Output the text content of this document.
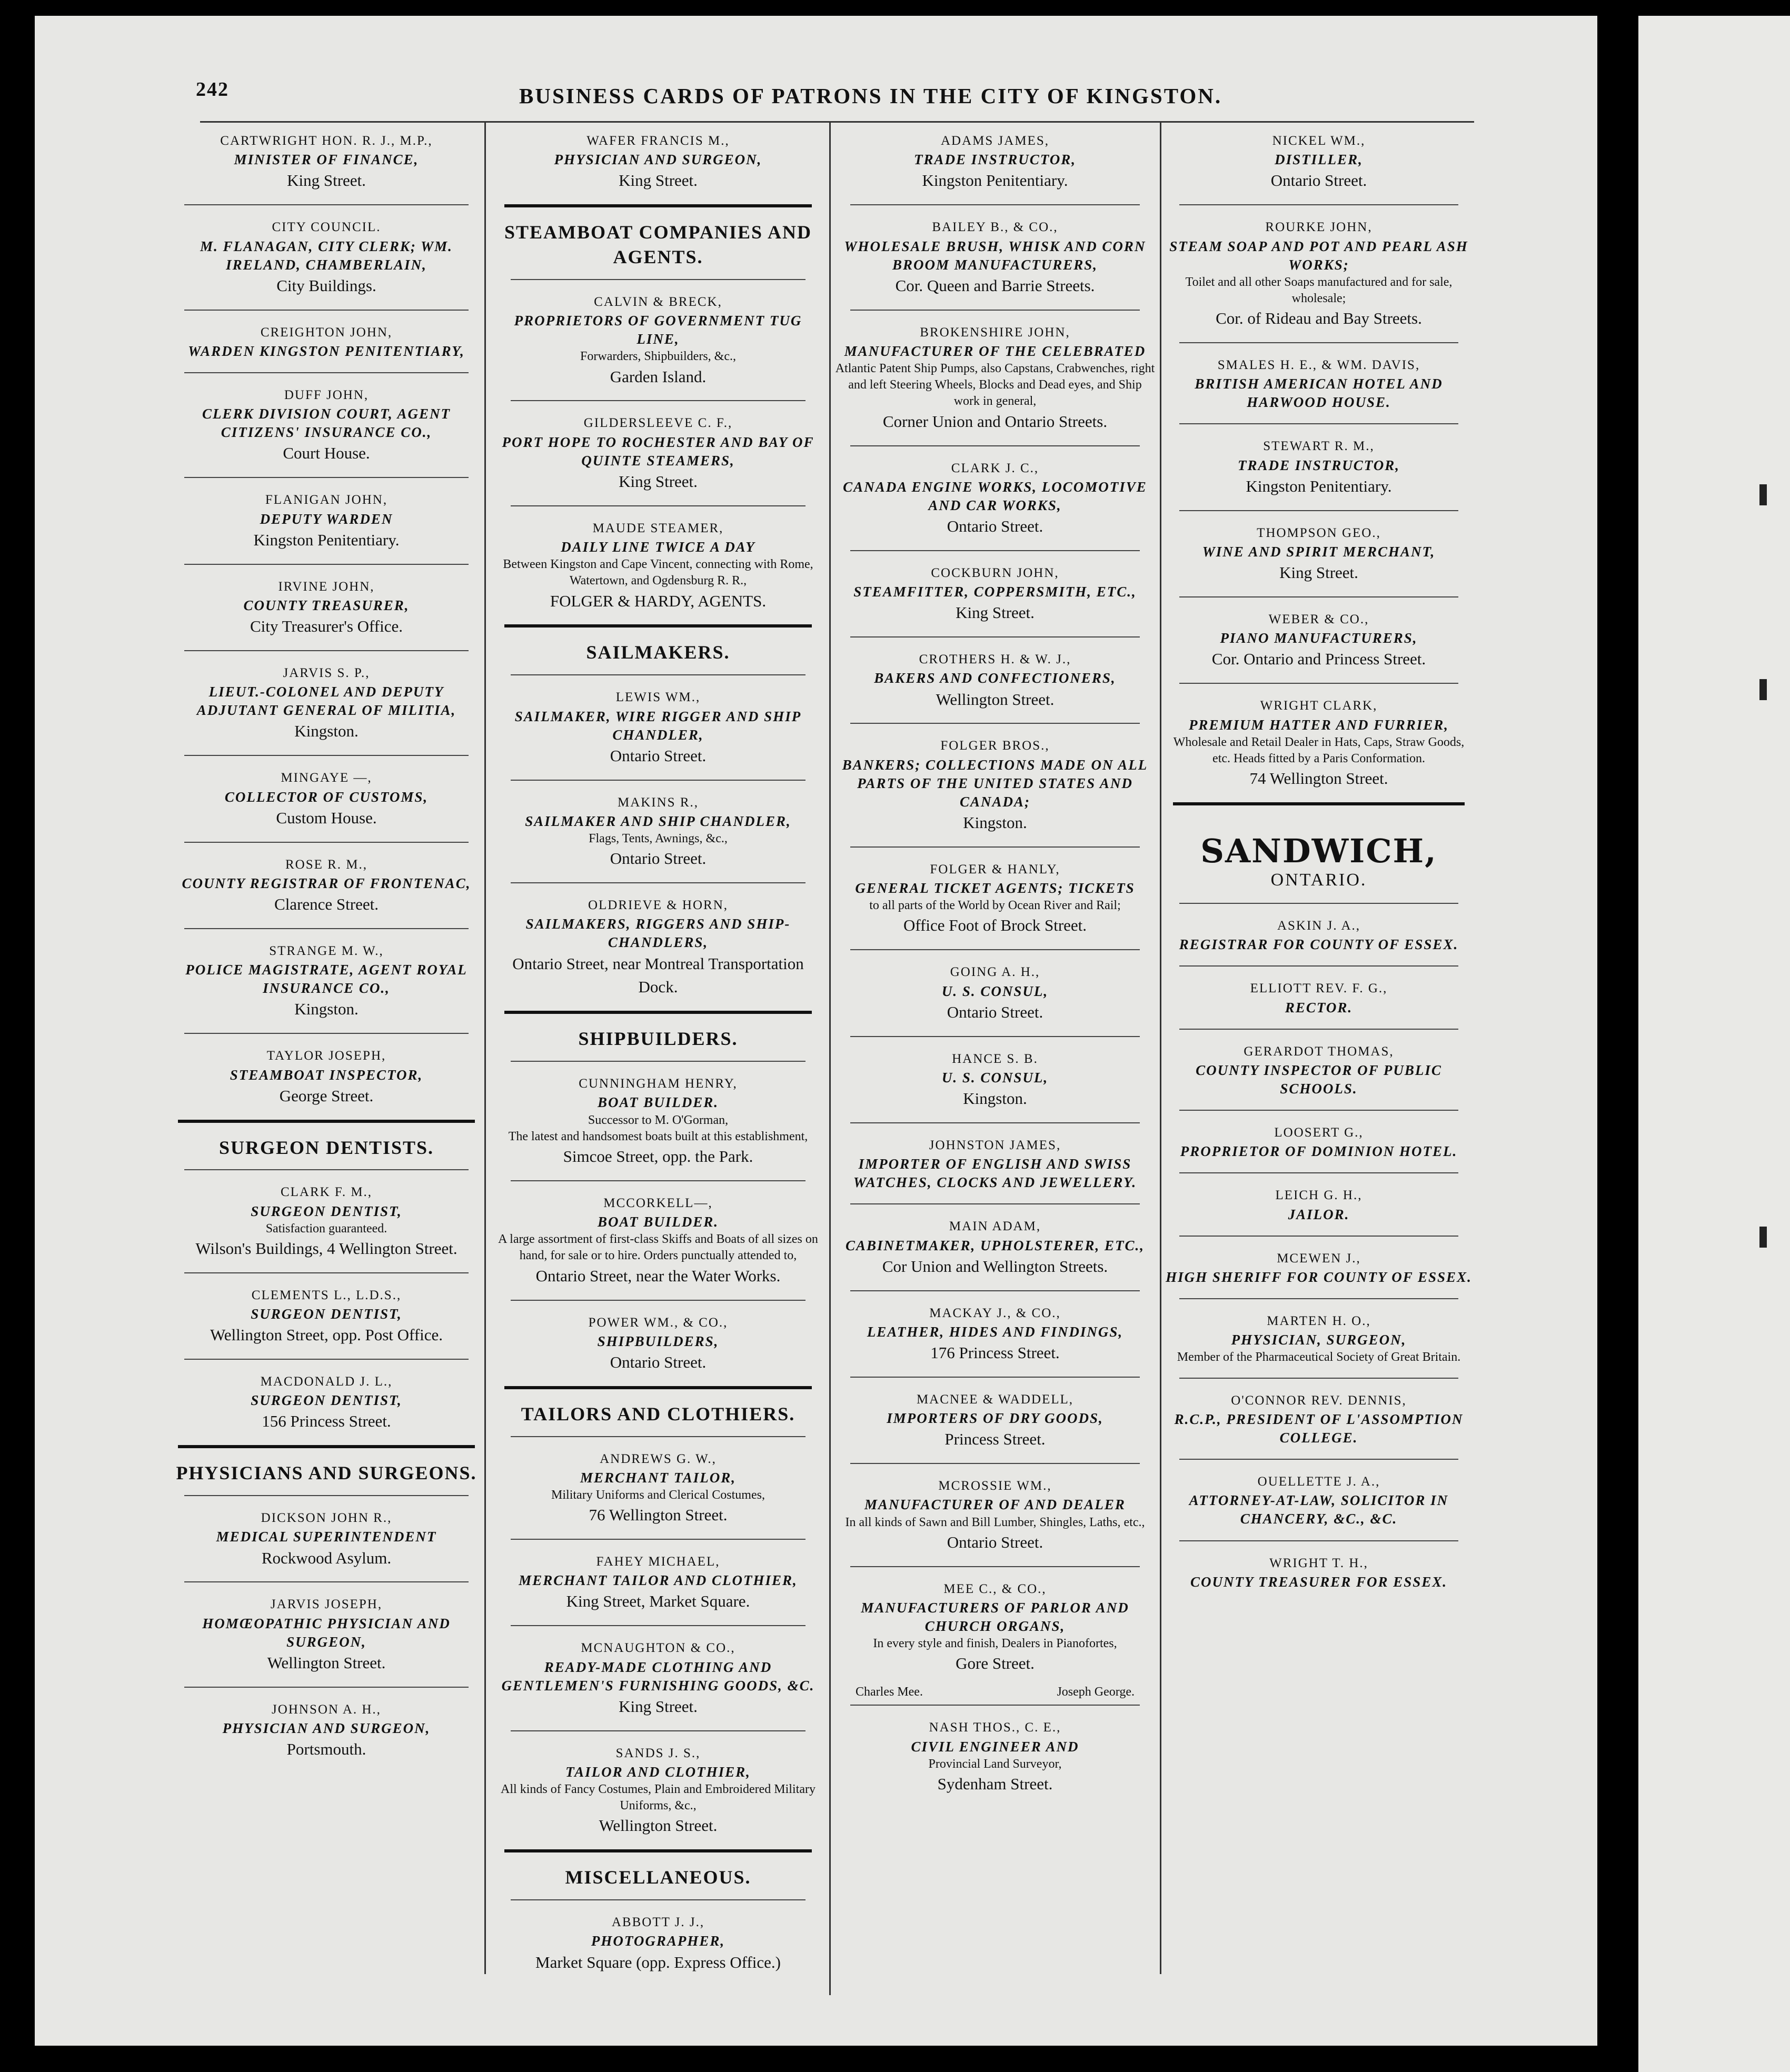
242	BUSINESS CARDS OF PATRONS IN THE CITY OF KINGSTON.
CARTWRIGHT HON. R. J., M.P.,
MINISTER OF FINANCE,
King Street.
CITY COUNCIL.
M. FLANAGAN, CITY CLERK; WM. IRELAND, CHAMBERLAIN,
City Buildings.
CREIGHTON JOHN,
WARDEN KINGSTON PENITENTIARY,
DUFF JOHN,
CLERK DIVISION COURT, AGENT CITIZENS' INSURANCE CO.,
Court House.
FLANIGAN JOHN,
DEPUTY WARDEN
Kingston Penitentiary.
IRVINE JOHN,
COUNTY TREASURER,
City Treasurer's Office.
JARVIS S. P.,
LIEUT.-COLONEL AND DEPUTY ADJUTANT GENERAL OF MILITIA,
Kingston.
MINGAYE —,
COLLECTOR OF CUSTOMS,
Custom House.
ROSE R. M.,
COUNTY REGISTRAR OF FRONTENAC,
Clarence Street.
STRANGE M. W.,
POLICE MAGISTRATE, AGENT ROYAL INSURANCE CO.,
Kingston.
TAYLOR JOSEPH,
STEAMBOAT INSPECTOR,
George Street.
SURGEON DENTISTS.
CLARK F. M.,
SURGEON DENTIST,
Satisfaction guaranteed.
Wilson's Buildings, 4 Wellington Street.
CLEMENTS L., L.D.S.,
SURGEON DENTIST,
Wellington Street, opp. Post Office.
MACDONALD J. L.,
SURGEON DENTIST,
156 Princess Street.
PHYSICIANS AND SURGEONS.
DICKSON JOHN R.,
MEDICAL SUPERINTENDENT
Rockwood Asylum.
JARVIS JOSEPH,
HOMŒOPATHIC PHYSICIAN AND SURGEON,
Wellington Street.
JOHNSON A. H.,
PHYSICIAN AND SURGEON,
Portsmouth.
WAFER FRANCIS M.,
PHYSICIAN AND SURGEON,
King Street.
STEAMBOAT COMPANIES AND AGENTS.
CALVIN & BRECK,
PROPRIETORS OF GOVERNMENT TUG LINE,
Forwarders, Shipbuilders, &c.,
Garden Island.
GILDERSLEEVE C. F.,
PORT HOPE TO ROCHESTER AND BAY OF QUINTE STEAMERS,
King Street.
MAUDE STEAMER,
DAILY LINE TWICE A DAY
Between Kingston and Cape Vincent, connecting with Rome, Watertown, and Ogdensburg R. R.,
FOLGER & HARDY, AGENTS.
SAILMAKERS.
LEWIS WM.,
SAILMAKER, WIRE RIGGER AND SHIP CHANDLER,
Ontario Street.
MAKINS R.,
SAILMAKER AND SHIP CHANDLER,
Flags, Tents, Awnings, &c.,
Ontario Street.
OLDRIEVE & HORN,
SAILMAKERS, RIGGERS AND SHIP-CHANDLERS,
Ontario Street, near Montreal Transportation Dock.
SHIPBUILDERS.
CUNNINGHAM HENRY,
BOAT BUILDER.
Successor to M. O'Gorman,
The latest and handsomest boats built at this establishment,
Simcoe Street, opp. the Park.
MCCORKELL—,
BOAT BUILDER.
A large assortment of first-class Skiffs and Boats of all sizes on hand, for sale or to hire. Orders punctually attended to,
Ontario Street, near the Water Works.
POWER WM., & CO.,
SHIPBUILDERS,
Ontario Street.
TAILORS AND CLOTHIERS.
ANDREWS G. W.,
MERCHANT TAILOR,
Military Uniforms and Clerical Costumes,
76 Wellington Street.
FAHEY MICHAEL,
MERCHANT TAILOR AND CLOTHIER,
King Street, Market Square.
MCNAUGHTON & CO.,
READY-MADE CLOTHING AND GENTLEMEN'S FURNISHING GOODS, &C.
King Street.
SANDS J. S.,
TAILOR AND CLOTHIER,
All kinds of Fancy Costumes, Plain and Embroidered Military Uniforms, &c.,
Wellington Street.
MISCELLANEOUS.
ABBOTT J. J.,
PHOTOGRAPHER,
Market Square (opp. Express Office.)
ADAMS JAMES,
TRADE INSTRUCTOR,
Kingston Penitentiary.
BAILEY B., & CO.,
WHOLESALE BRUSH, WHISK AND CORN BROOM MANUFACTURERS,
Cor. Queen and Barrie Streets.
BROKENSHIRE JOHN,
MANUFACTURER OF THE CELEBRATED
Atlantic Patent Ship Pumps, also Capstans, Crabwenches, right and left Steering Wheels, Blocks and Dead eyes, and Ship work in general,
Corner Union and Ontario Streets.
CLARK J. C.,
CANADA ENGINE WORKS, LOCOMOTIVE AND CAR WORKS,
Ontario Street.
COCKBURN JOHN,
STEAMFITTER, COPPERSMITH, ETC.,
King Street.
CROTHERS H. & W. J.,
BAKERS AND CONFECTIONERS,
Wellington Street.
FOLGER BROS.,
BANKERS; COLLECTIONS MADE ON ALL PARTS OF THE UNITED STATES AND CANADA;
Kingston.
FOLGER & HANLY,
GENERAL TICKET AGENTS; TICKETS
to all parts of the World by Ocean River and Rail;
Office Foot of Brock Street.
GOING A. H.,
U. S. CONSUL,
Ontario Street.
HANCE S. B.
U. S. CONSUL,
Kingston.
JOHNSTON JAMES,
IMPORTER OF ENGLISH AND SWISS WATCHES, CLOCKS AND JEWELLERY.
MAIN ADAM,
CABINETMAKER, UPHOLSTERER, ETC.,
Cor Union and Wellington Streets.
MACKAY J., & CO.,
LEATHER, HIDES AND FINDINGS,
176 Princess Street.
MACNEE & WADDELL,
IMPORTERS OF DRY GOODS,
Princess Street.
MCROSSIE WM.,
MANUFACTURER OF AND DEALER
In all kinds of Sawn and Bill Lumber, Shingles, Laths, etc.,
Ontario Street.
MEE C., & CO.,
MANUFACTURERS OF PARLOR AND CHURCH ORGANS,
In every style and finish, Dealers in Pianofortes,
Gore Street.
Charles Mee.	Joseph George.
NASH THOS., C. E.,
CIVIL ENGINEER AND
Provincial Land Surveyor,
Sydenham Street.
NICKEL WM.,
DISTILLER,
Ontario Street.
ROURKE JOHN,
STEAM SOAP AND POT AND PEARL ASH WORKS;
Toilet and all other Soaps manufactured and for sale, wholesale;
Cor. of Rideau and Bay Streets.
SMALES H. E., & WM. DAVIS,
BRITISH AMERICAN HOTEL AND HARWOOD HOUSE.
STEWART R. M.,
TRADE INSTRUCTOR,
Kingston Penitentiary.
THOMPSON GEO.,
WINE AND SPIRIT MERCHANT,
King Street.
WEBER & CO.,
PIANO MANUFACTURERS,
Cor. Ontario and Princess Street.
WRIGHT CLARK,
PREMIUM HATTER AND FURRIER,
Wholesale and Retail Dealer in Hats, Caps, Straw Goods, etc. Heads fitted by a Paris Conformation.
74 Wellington Street.
SANDWICH,
ONTARIO.
ASKIN J. A.,
REGISTRAR FOR COUNTY OF ESSEX.
ELLIOTT REV. F. G.,
RECTOR.
GERARDOT THOMAS,
COUNTY INSPECTOR OF PUBLIC SCHOOLS.
LOOSERT G.,
PROPRIETOR OF DOMINION HOTEL.
LEICH G. H.,
JAILOR.
MCEWEN J.,
HIGH SHERIFF FOR COUNTY OF ESSEX.
MARTEN H. O.,
PHYSICIAN, SURGEON,
Member of the Pharmaceutical Society of Great Britain.
O'CONNOR REV. DENNIS,
R.C.P., PRESIDENT OF L'ASSOMPTION COLLEGE.
OUELLETTE J. A.,
ATTORNEY-AT-LAW, SOLICITOR IN CHANCERY, &C., &C.
WRIGHT T. H.,
COUNTY TREASURER FOR ESSEX.
